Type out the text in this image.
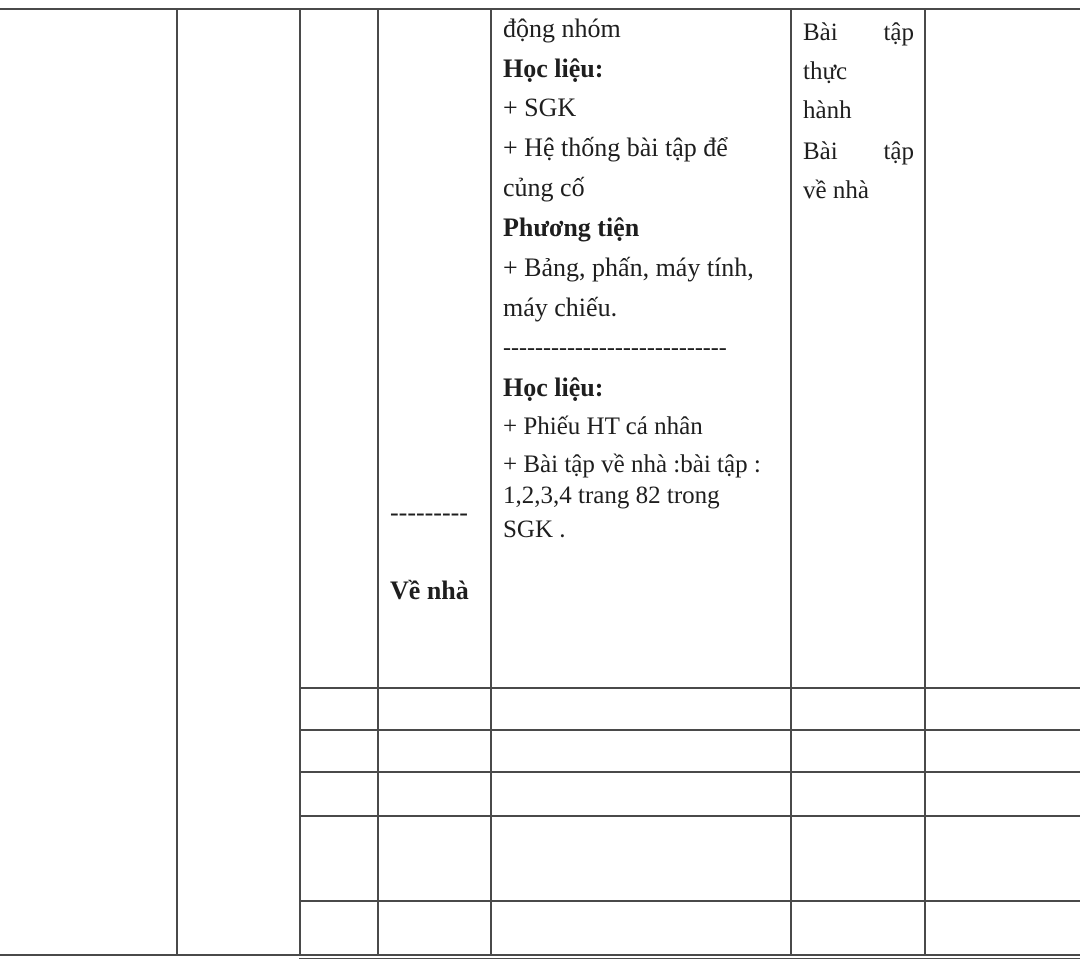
---------
Về nhà
động nhóm
Học liệu:
+ SGK
+ Hệ thống bài tập để
củng cố
Phương tiện
+ Bảng, phấn, máy tính,
máy chiếu.
----------------------------
Học liệu:
+ Phiếu HT cá nhân
+ Bài tập về nhà :bài tập :
1,2,3,4 trang 82 trong
SGK .
Bài tập
thực
hành
Bài tập
về nhà
